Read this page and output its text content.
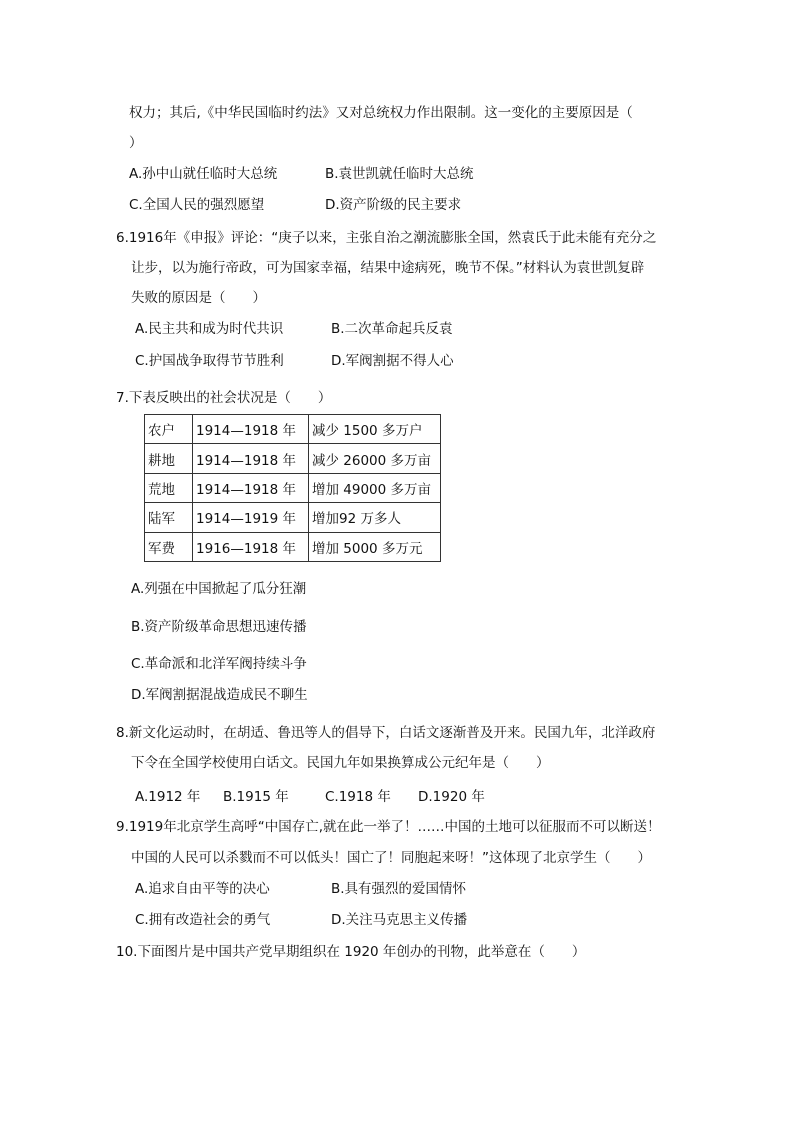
权力；其后,《中华民国临时约法》又对总统权力作出限制。这一变化的主要原因是（
）
A.孙中山就任临时大总统	B.袁世凯就任临时大总统
C.全国人民的强烈愿望	D.资产阶级的民主要求
6.1916年《申报》评论：“庚子以来，主张自治之潮流膨胀全国，然袁氏于此未能有充分之
让步，以为施行帝政，可为国家幸福，结果中途病死，晚节不保。”材料认为袁世凯复辟
失败的原因是（　　）
A.民主共和成为时代共识	B.二次革命起兵反袁
C.护国战争取得节节胜利	D.军阀割据不得人心
7.下表反映出的社会状况是（　　）
农户	1914—1918 年	减少 1500 多万户
耕地	1914—1918 年	减少 26000 多万亩
荒地	1914—1918 年	增加 49000 多万亩
陆军	1914—1919 年	增加92 万多人
军费	1916—1918 年	增加 5000 多万元
A.列强在中国掀起了瓜分狂潮
B.资产阶级革命思想迅速传播
C.革命派和北洋军阀持续斗争
D.军阀割据混战造成民不聊生
8.新文化运动时，在胡适、鲁迅等人的倡导下，白话文逐渐普及开来。民国九年，北洋政府
下令在全国学校使用白话文。民国九年如果换算成公元纪年是（　　）
A.1912 年 B.1915 年	C.1918 年 D.1920 年
9.1919年北京学生高呼“中国存亡,就在此一举了！……中国的土地可以征服而不可以断送！
中国的人民可以杀戮而不可以低头！国亡了！同胞起来呀！”这体现了北京学生（　　）
A.追求自由平等的决心	B.具有强烈的爱国情怀
C.拥有改造社会的勇气	D.关注马克思主义传播
10.下面图片是中国共产党早期组织在 1920 年创办的刊物，此举意在（　　）
